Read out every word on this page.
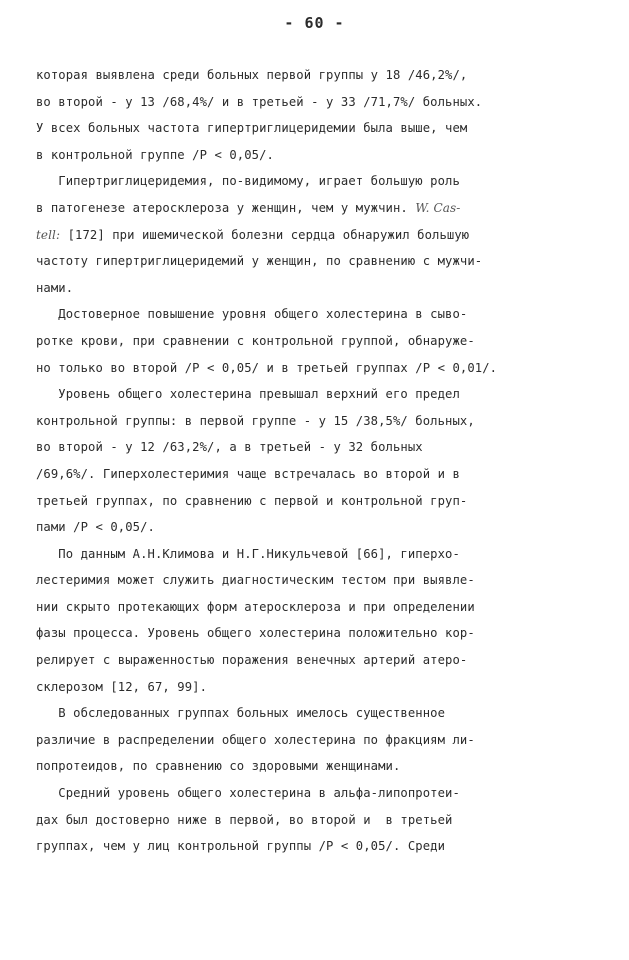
- 60 -
которая выявлена среди больных первой группы у 18 /46,2%/,
во второй - у 13 /68,4%/ и в третьей - у 33 /71,7%/ больных.
У всех больных частота гипертриглицеридемии была выше, чем
в контрольной группе /P < 0,05/.
Гипертриглицеридемия, по-видимому, играет большую роль
в патогенезе атеросклероза у женщин, чем у мужчин. W. Cas-
tell: [172] при ишемической болезни сердца обнаружил большую
частоту гипертриглицеридемий у женщин, по сравнению с мужчи-
нами.
Достоверное повышение уровня общего холестерина в сыво-
ротке крови, при сравнении с контрольной группой, обнаруже-
но только во второй /P < 0,05/ и в третьей группах /P < 0,01/.
Уровень общего холестерина превышал верхний его предел
контрольной группы: в первой группе - у 15 /38,5%/ больных,
во второй - у 12 /63,2%/, а в третьей - у 32 больных
/69,6%/. Гиперхолестеримия чаще встречалась во второй и в
третьей группах, по сравнению с первой и контрольной груп-
пами /P < 0,05/.
По данным А.Н.Климова и Н.Г.Никульчевой [66], гиперхо-
лестеримия может служить диагностическим тестом при выявле-
нии скрыто протекающих форм атеросклероза и при определении
фазы процесса. Уровень общего холестерина положительно кор-
релирует с выраженностью поражения венечных артерий атеро-
склерозом [12, 67, 99].
В обследованных группах больных имелось существенное
различие в распределении общего холестерина по фракциям ли-
попротеидов, по сравнению со здоровыми женщинами.
Средний уровень общего холестерина в альфа-липопротеи-
дах был достоверно ниже в первой, во второй и  в третьей
группах, чем у лиц контрольной группы /P < 0,05/. Среди
